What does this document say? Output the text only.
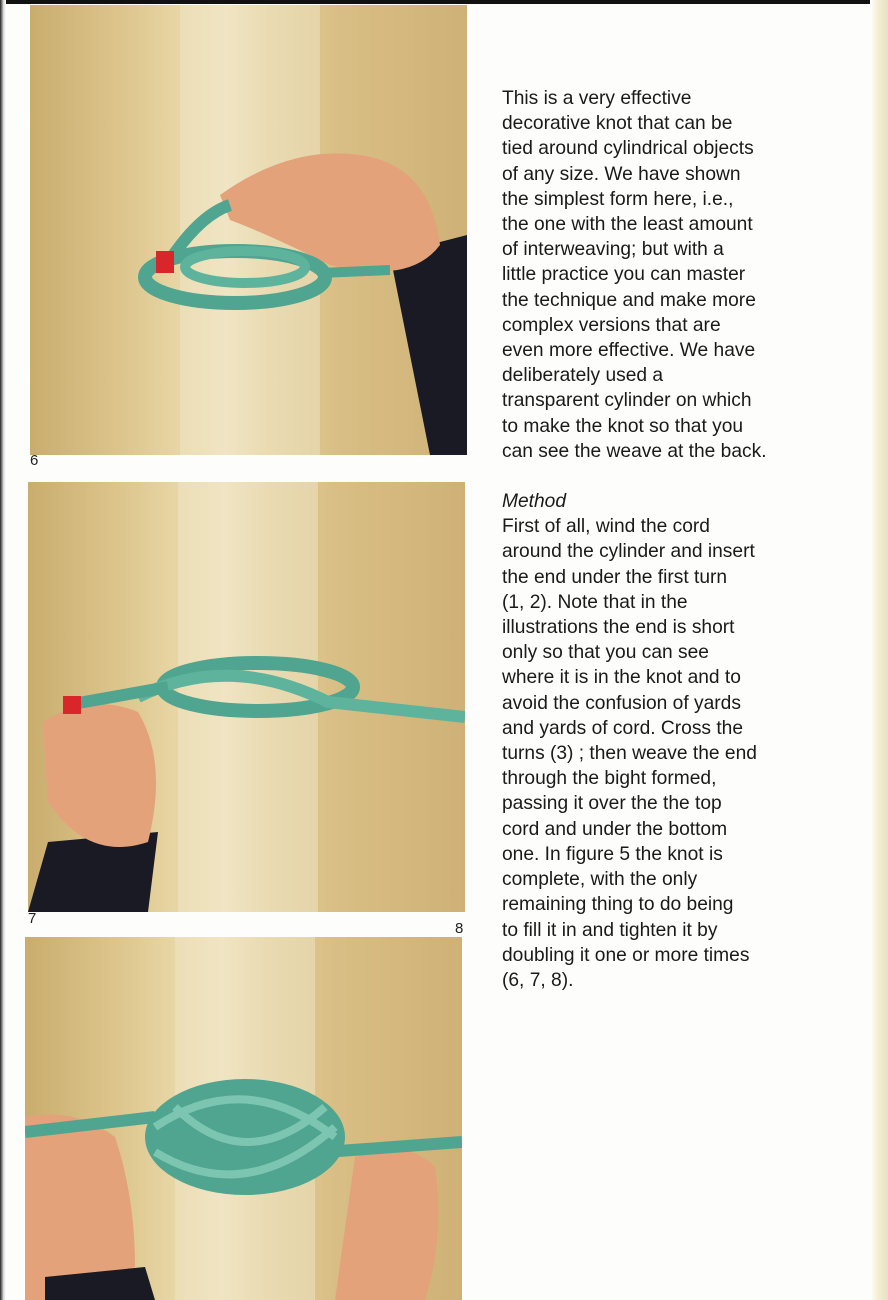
6
7
8

This is a very effective
decorative knot that can be
tied around cylindrical objects
of any size. We have shown
the simplest form here, i.e.,
the one with the least amount
of interweaving; but with a
little practice you can master
the technique and make more
complex versions that are
even more effective. We have
deliberately used a
transparent cylinder on which
to make the knot so that you
can see the weave at the back.

Method

First of all, wind the cord
around the cylinder and insert
the end under the first turn
(1, 2). Note that in the
illustrations the end is short
only so that you can see
where it is in the knot and to
avoid the confusion of yards
and yards of cord. Cross the
turns (3) ; then weave the end
through the bight formed,
passing it over the the top
cord and under the bottom
one. In figure 5 the knot is
complete, with the only
remaining thing to do being
to fill it in and tighten it by
doubling it one or more times
(6, 7, 8).
